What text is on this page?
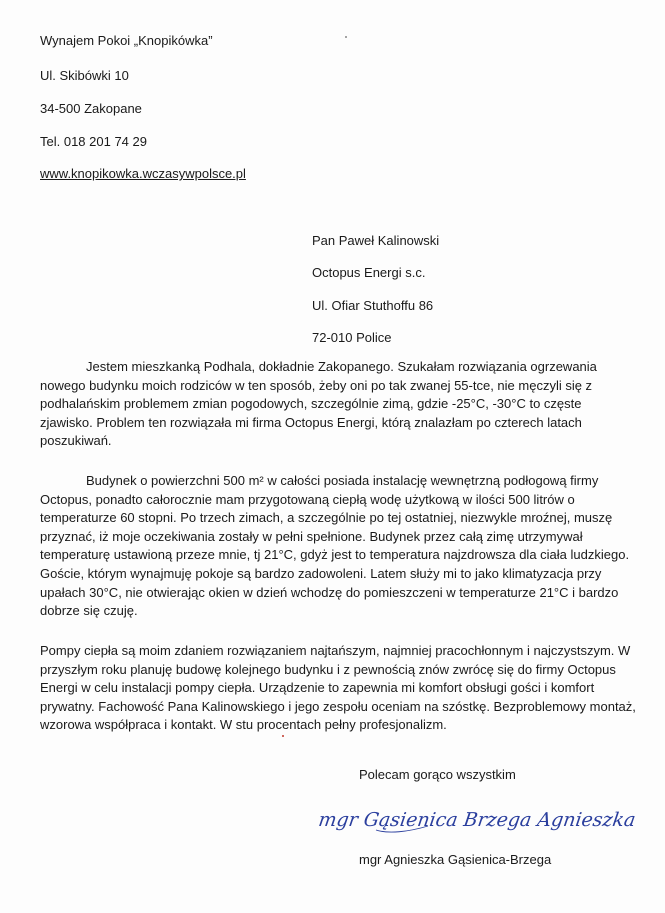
Wynajem Pokoi „Knopikówka”
Ul. Skibówki 10
34-500 Zakopane
Tel. 018 201 74 29
www.knopikowka.wczasywpolsce.pl
Pan Paweł Kalinowski
Octopus Energi s.c.
Ul. Ofiar Stuthoffu 86
72-010 Police
Jestem mieszkanką Podhala, dokładnie Zakopanego. Szukałam rozwiązania ogrzewania nowego budynku moich rodziców w ten sposób, żeby oni po tak zwanej 55-tce, nie męczyli się z podhalańskim problemem zmian pogodowych, szczególnie zimą, gdzie -25°C, -30°C to częste zjawisko. Problem ten rozwiązała mi firma Octopus Energi, którą znalazłam po czterech latach poszukiwań.
Budynek o powierzchni 500 m² w całości posiada instalację wewnętrzną podłogową firmy Octopus, ponadto całorocznie mam przygotowaną ciepłą wodę użytkową w ilości 500 litrów o temperaturze 60 stopni. Po trzech zimach, a szczególnie po tej ostatniej, niezwykle mroźnej, muszę przyznać, iż moje oczekiwania zostały w pełni spełnione. Budynek przez całą zimę utrzymywał temperaturę ustawioną przeze mnie, tj 21°C, gdyż jest to temperatura najzdrowsza dla ciała ludzkiego. Goście, którym wynajmuję pokoje są bardzo zadowoleni. Latem służy mi to jako klimatyzacja przy upałach 30°C, nie otwierając okien w dzień wchodzę do pomieszczeni w temperaturze 21°C i bardzo dobrze się czuję.
Pompy ciepła są moim zdaniem rozwiązaniem najtańszym, najmniej pracochłonnym i najczystszym. W przyszłym roku planuję budowę kolejnego budynku i z pewnością znów zwrócę się do firmy Octopus Energi w celu instalacji pompy ciepła. Urządzenie to zapewnia mi komfort obsługi gości i komfort prywatny. Fachowość Pana Kalinowskiego i jego zespołu oceniam na szóstkę. Bezproblemowy montaż, wzorowa współpraca i kontakt. W stu procentach pełny profesjonalizm.
Polecam gorąco wszystkim
mgr Gąsienica Brzega Agnieszka
mgr Agnieszka Gąsienica-Brzega
